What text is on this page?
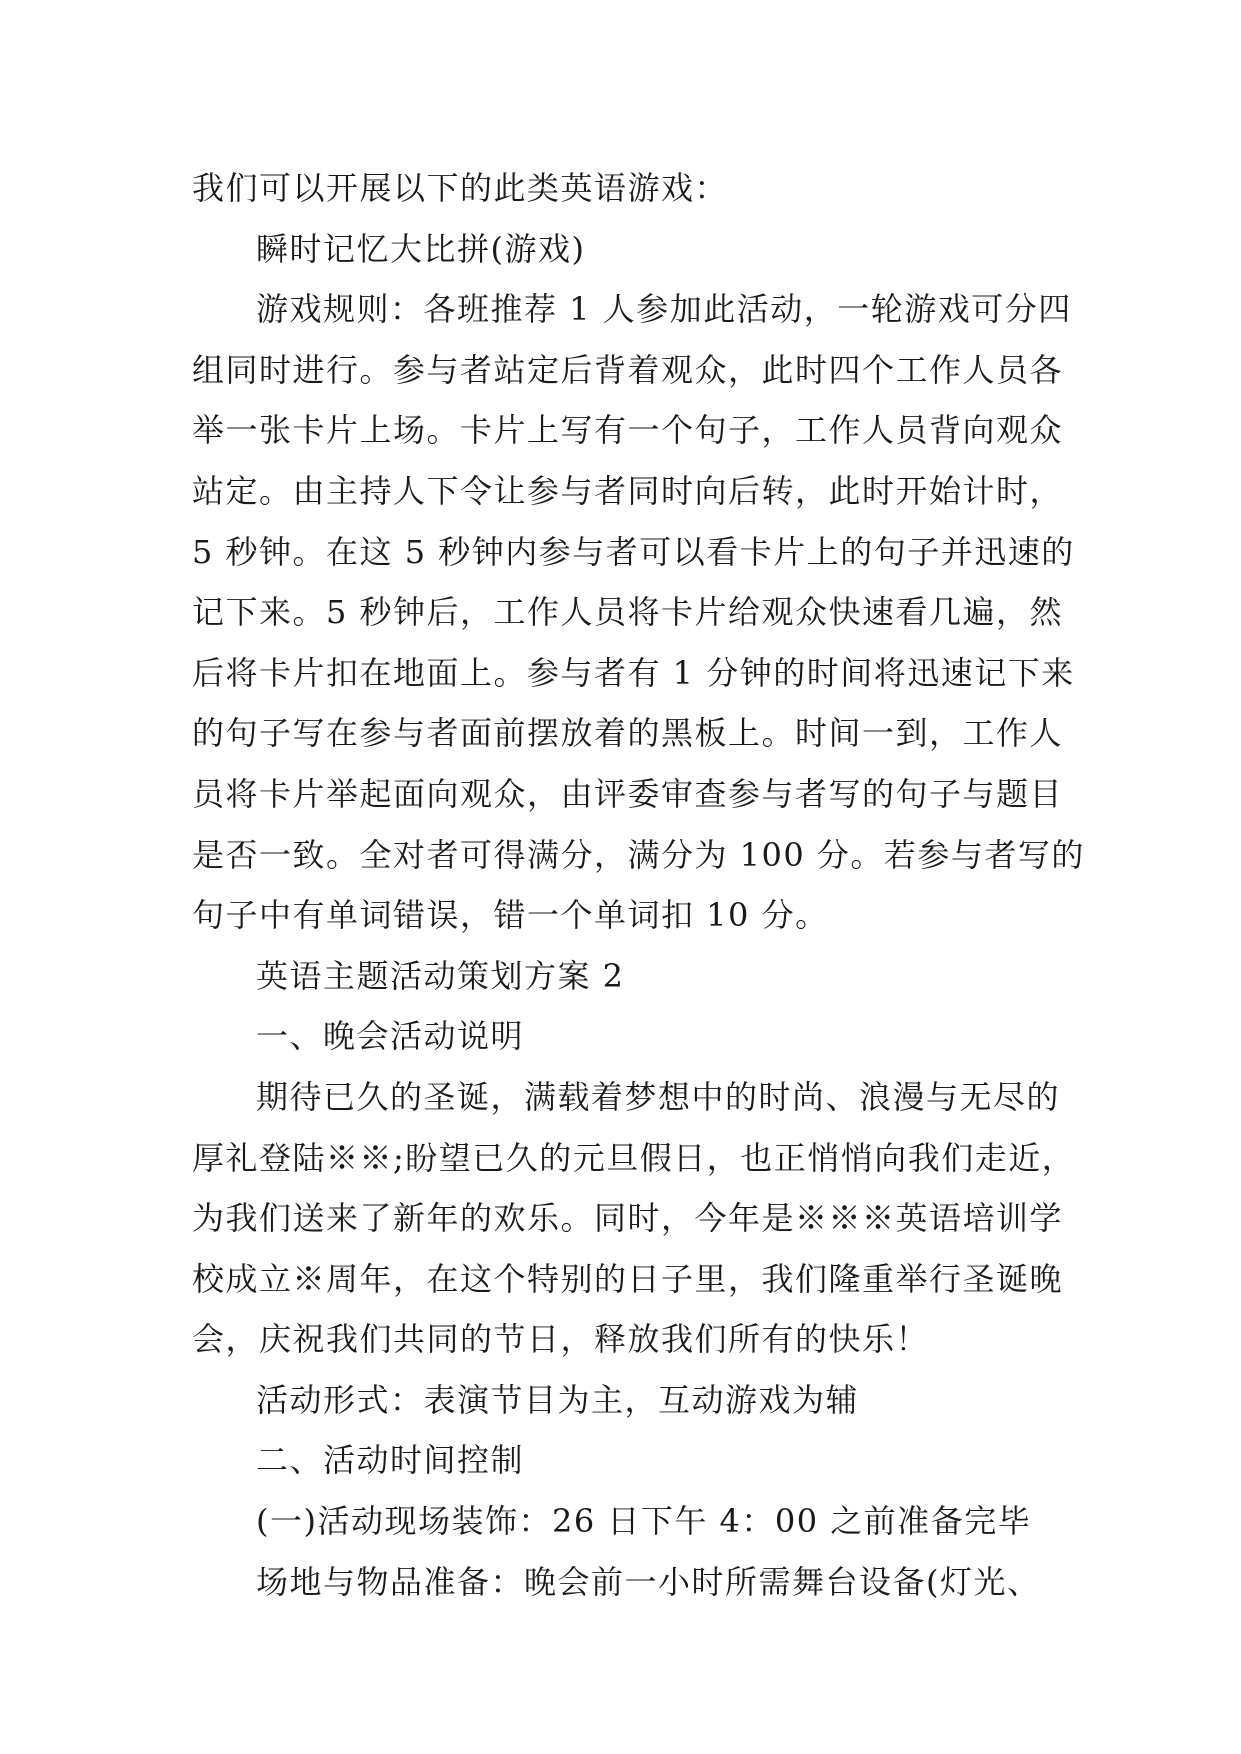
我们可以开展以下的此类英语游戏：
瞬时记忆大比拼(游戏)
游戏规则：各班推荐 1 人参加此活动，一轮游戏可分四
组同时进行。参与者站定后背着观众，此时四个工作人员各
举一张卡片上场。卡片上写有一个句子，工作人员背向观众
站定。由主持人下令让参与者同时向后转，此时开始计时，
5 秒钟。在这 5 秒钟内参与者可以看卡片上的句子并迅速的
记下来。5 秒钟后，工作人员将卡片给观众快速看几遍，然
后将卡片扣在地面上。参与者有 1 分钟的时间将迅速记下来
的句子写在参与者面前摆放着的黑板上。时间一到，工作人
员将卡片举起面向观众，由评委审查参与者写的句子与题目
是否一致。全对者可得满分，满分为 100 分。若参与者写的
句子中有单词错误，错一个单词扣 10 分。
英语主题活动策划方案 2
一、晚会活动说明
期待已久的圣诞，满载着梦想中的时尚、浪漫与无尽的
厚礼登陆※※;盼望已久的元旦假日，也正悄悄向我们走近，
为我们送来了新年的欢乐。同时，今年是※※※英语培训学
校成立※周年，在这个特别的日子里，我们隆重举行圣诞晚
会，庆祝我们共同的节日，释放我们所有的快乐！
活动形式：表演节目为主，互动游戏为辅
二、活动时间控制
(一)活动现场装饰：26 日下午 4：00 之前准备完毕
场地与物品准备：晚会前一小时所需舞台设备(灯光、
